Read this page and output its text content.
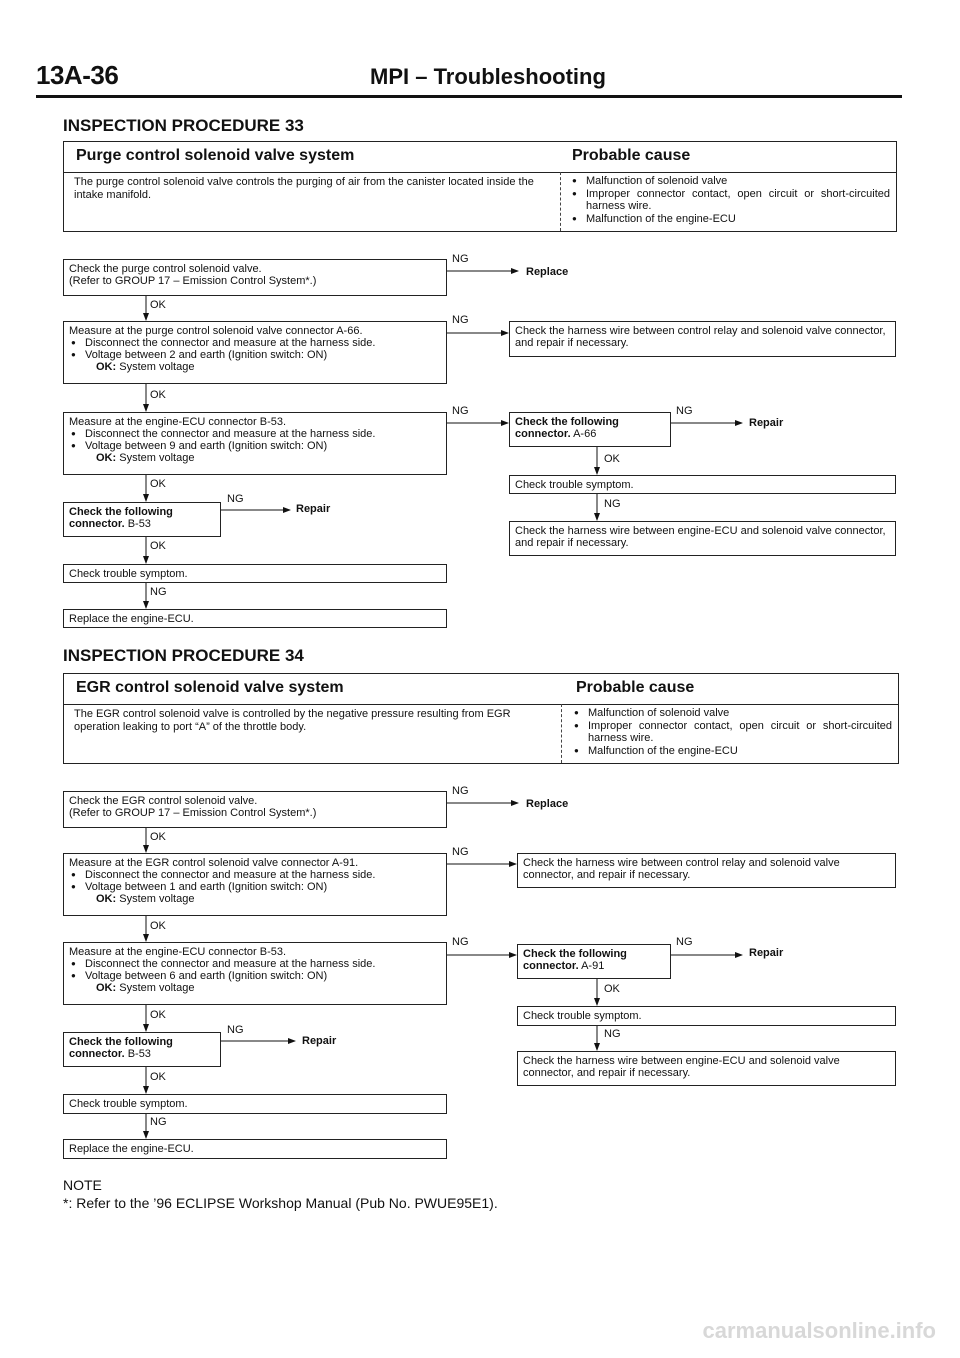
13A-36	MPI – Troubleshooting
INSPECTION PROCEDURE 33
Purge control solenoid valve system	Probable cause
The purge control solenoid valve controls the purging of air from the canister located inside the intake manifold.
● Malfunction of solenoid valve
● Improper connector contact, open circuit or short-circuited harness wire.
● Malfunction of the engine-ECU
Check the purge control solenoid valve.
(Refer to GROUP 17 – Emission Control System*.)
Replace
Measure at the purge control solenoid valve connector A-66.
● Disconnect the connector and measure at the harness side.
● Voltage between 2 and earth (Ignition switch: ON)
OK: System voltage
Check the harness wire between control relay and solenoid valve connector, and repair if necessary.
Measure at the engine-ECU connector B-53.
● Disconnect the connector and measure at the harness side.
● Voltage between 9 and earth (Ignition switch: ON)
OK: System voltage
Check the following connector. A-66
Repair
Check trouble symptom.
Check the harness wire between engine-ECU and solenoid valve connector, and repair if necessary.
Check the following connector. B-53
Repair
Check trouble symptom.
Replace the engine-ECU.
NG
OK
NG
OK
NG	NG
OK
OK
NG	NG
OK
NG
INSPECTION PROCEDURE 34
EGR control solenoid valve system	Probable cause
The EGR control solenoid valve is controlled by the negative pressure resulting from EGR operation leaking to port “A” of the throttle body.
● Malfunction of solenoid valve
● Improper connector contact, open circuit or short-circuited harness wire.
● Malfunction of the engine-ECU
Check the EGR control solenoid valve.
(Refer to GROUP 17 – Emission Control System*.)
Replace
Measure at the EGR control solenoid valve connector A-91.
● Disconnect the connector and measure at the harness side.
● Voltage between 1 and earth (Ignition switch: ON)
OK: System voltage
Check the harness wire between control relay and solenoid valve connector, and repair if necessary.
Measure at the engine-ECU connector B-53.
● Disconnect the connector and measure at the harness side.
● Voltage between 6 and earth (Ignition switch: ON)
OK: System voltage
Check the following connector. A-91
Repair
Check trouble symptom.
Check the harness wire between engine-ECU and solenoid valve connector, and repair if necessary.
Check the following connector. B-53
Repair
Check trouble symptom.
Replace the engine-ECU.
NG
OK
NG
OK
NG	NG
OK
OK
NG	NG
OK
NG
NOTE
*: Refer to the ’96 ECLIPSE Workshop Manual (Pub No. PWUE95E1).
carmanualsonline.info
